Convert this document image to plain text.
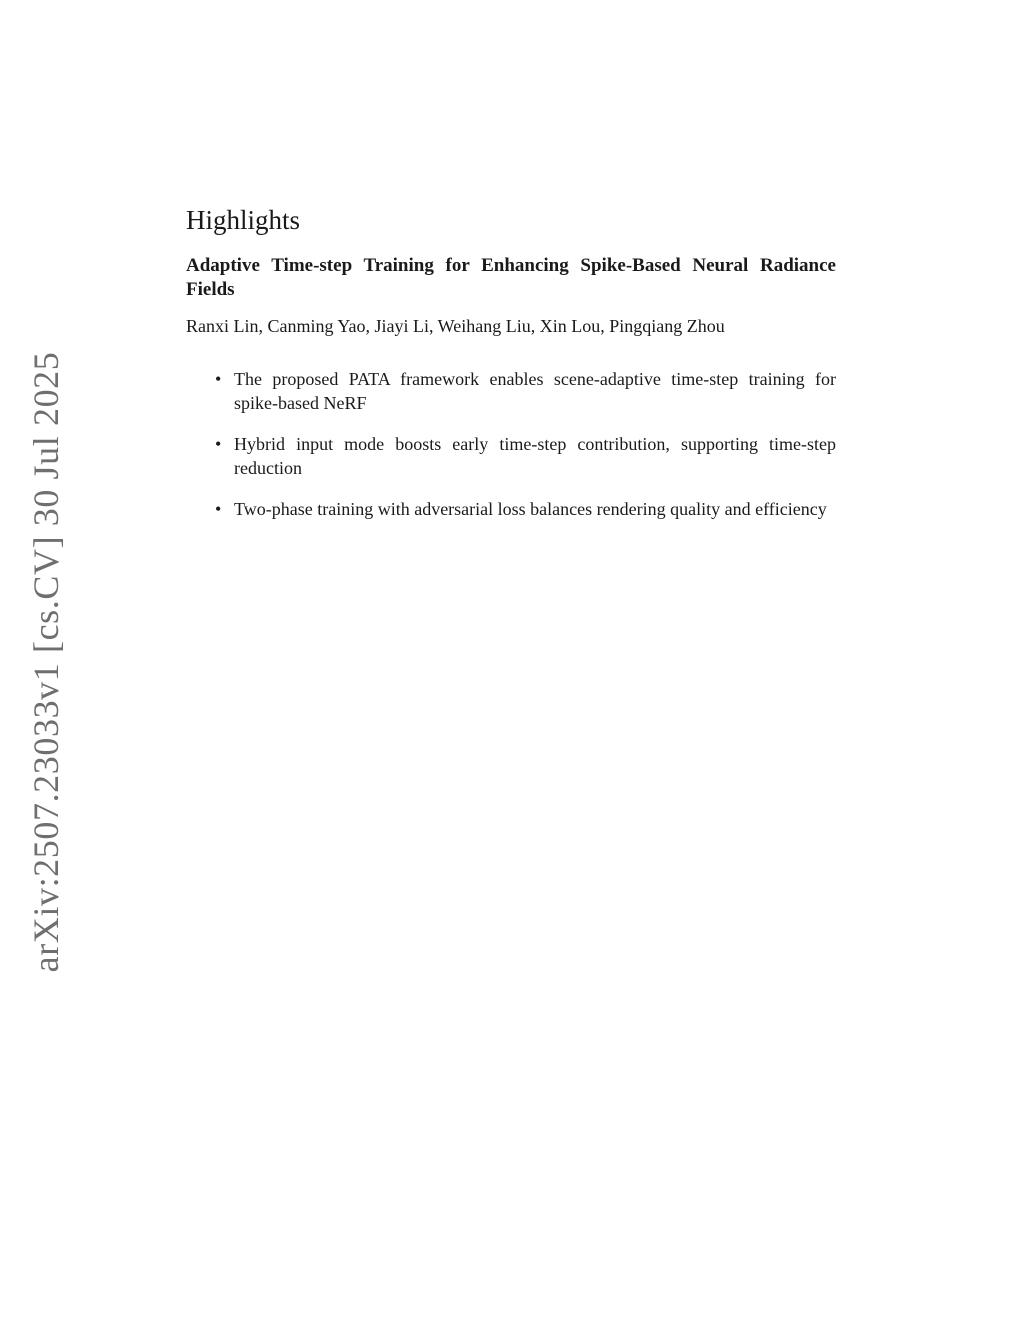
arXiv:2507.23033v1 [cs.CV] 30 Jul 2025
Highlights
Adaptive Time-step Training for Enhancing Spike-Based Neural Radiance Fields
Ranxi Lin, Canming Yao, Jiayi Li, Weihang Liu, Xin Lou, Pingqiang Zhou
• The proposed PATA framework enables scene-adaptive time-step training for spike-based NeRF
• Hybrid input mode boosts early time-step contribution, supporting time-step reduction
• Two-phase training with adversarial loss balances rendering quality and efficiency
